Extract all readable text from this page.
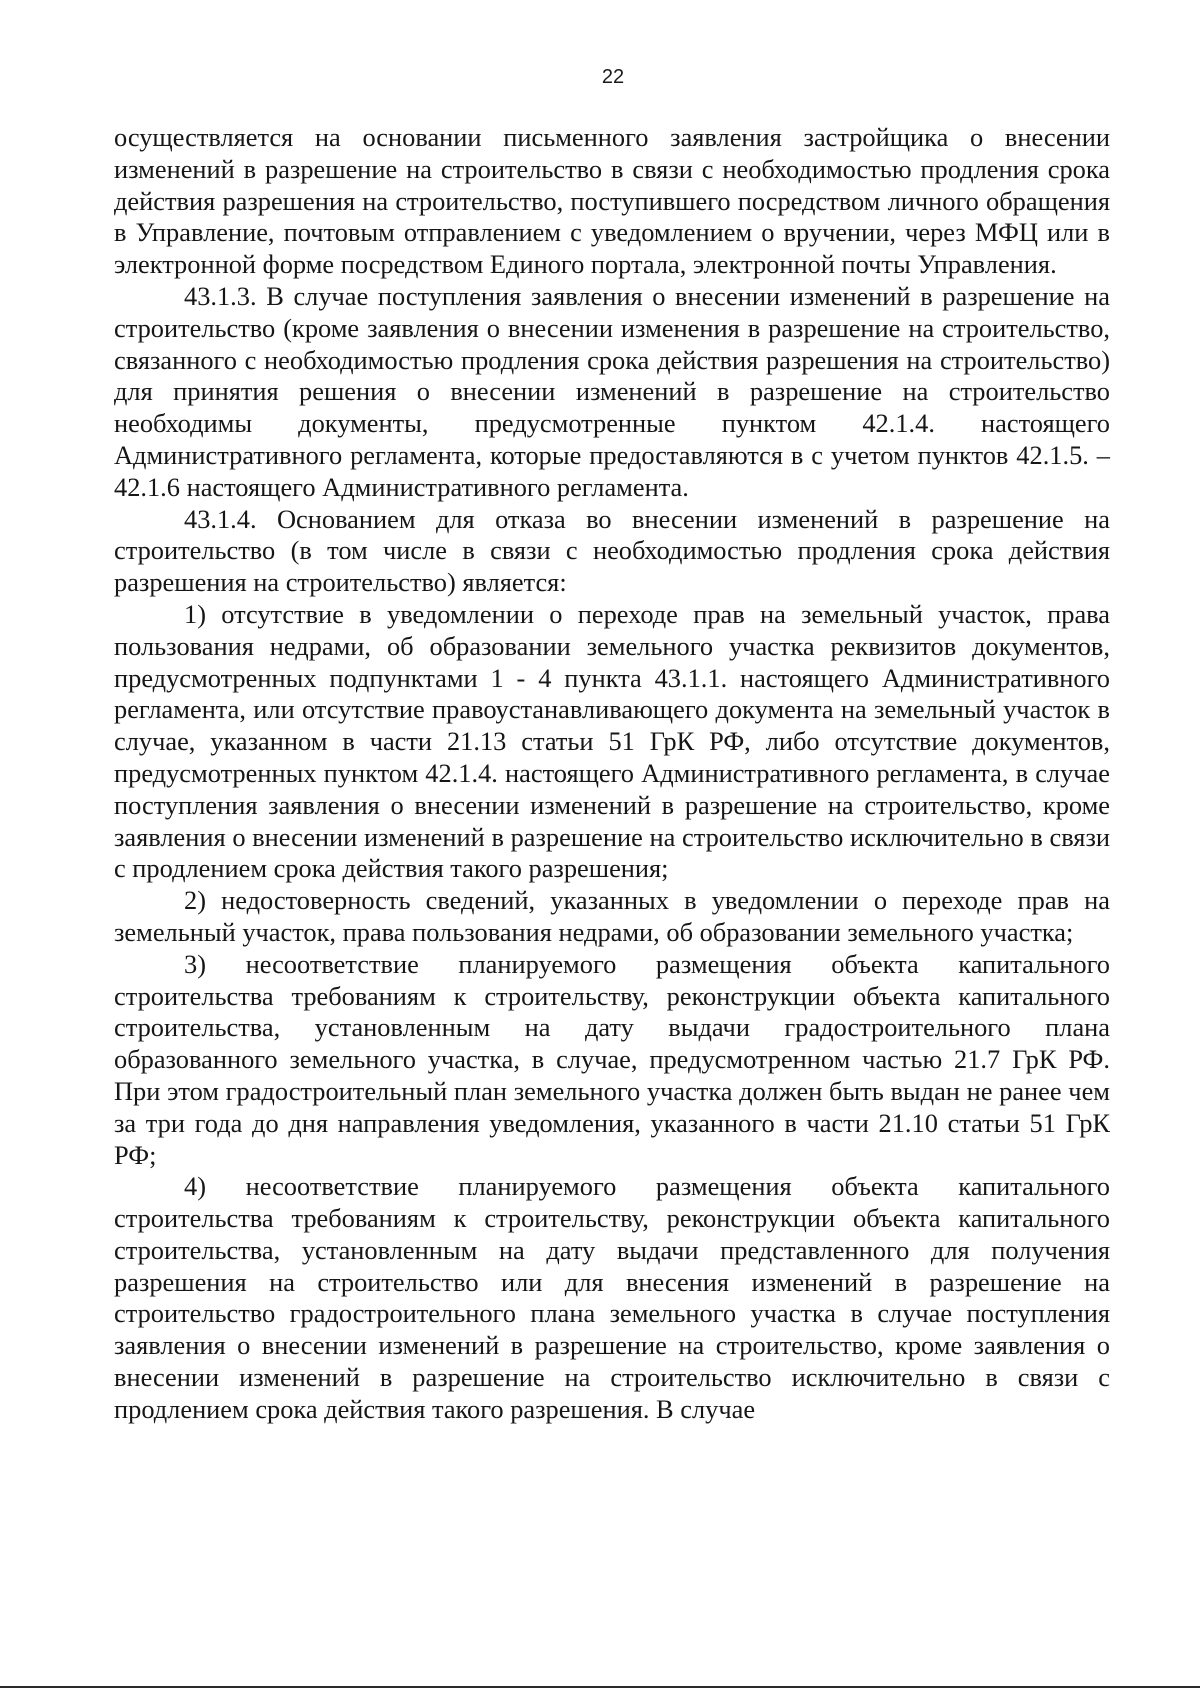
22

осуществляется на основании письменного заявления застройщика о внесении изменений в разрешение на строительство в связи с необходимостью продления срока действия разрешения на строительство, поступившего посредством личного обращения в Управление, почтовым отправлением с уведомлением о вручении, через МФЦ или в электронной форме посредством Единого портала, электронной почты Управления.

43.1.3. В случае поступления заявления о внесении изменений в разрешение на строительство (кроме заявления о внесении изменения в разрешение на строительство, связанного с необходимостью продления срока действия разрешения на строительство) для принятия решения о внесении изменений в разрешение на строительство необходимы документы, предусмотренные пунктом 42.1.4. настоящего Административного регламента, которые предоставляются в с учетом пунктов 42.1.5. – 42.1.6 настоящего Административного регламента.

43.1.4. Основанием для отказа во внесении изменений в разрешение на строительство (в том числе в связи с необходимостью продления срока действия разрешения на строительство) является:

1) отсутствие в уведомлении о переходе прав на земельный участок, права пользования недрами, об образовании земельного участка реквизитов документов, предусмотренных подпунктами 1 - 4 пункта 43.1.1. настоящего Административного регламента, или отсутствие правоустанавливающего документа на земельный участок в случае, указанном в части 21.13 статьи 51 ГрК РФ, либо отсутствие документов, предусмотренных пунктом 42.1.4. настоящего Административного регламента, в случае поступления заявления о внесении изменений в разрешение на строительство, кроме заявления о внесении изменений в разрешение на строительство исключительно в связи с продлением срока действия такого разрешения;

2) недостоверность сведений, указанных в уведомлении о переходе прав на земельный участок, права пользования недрами, об образовании земельного участка;

3) несоответствие планируемого размещения объекта капитального строительства требованиям к строительству, реконструкции объекта капитального строительства, установленным на дату выдачи градостроительного плана образованного земельного участка, в случае, предусмотренном частью 21.7 ГрК РФ. При этом градостроительный план земельного участка должен быть выдан не ранее чем за три года до дня направления уведомления, указанного в части 21.10 статьи 51 ГрК РФ;

4) несоответствие планируемого размещения объекта капитального строительства требованиям к строительству, реконструкции объекта капитального строительства, установленным на дату выдачи представленного для получения разрешения на строительство или для внесения изменений в разрешение на строительство градостроительного плана земельного участка в случае поступления заявления о внесении изменений в разрешение на строительство, кроме заявления о внесении изменений в разрешение на строительство исключительно в связи с продлением срока действия такого разрешения. В случае
